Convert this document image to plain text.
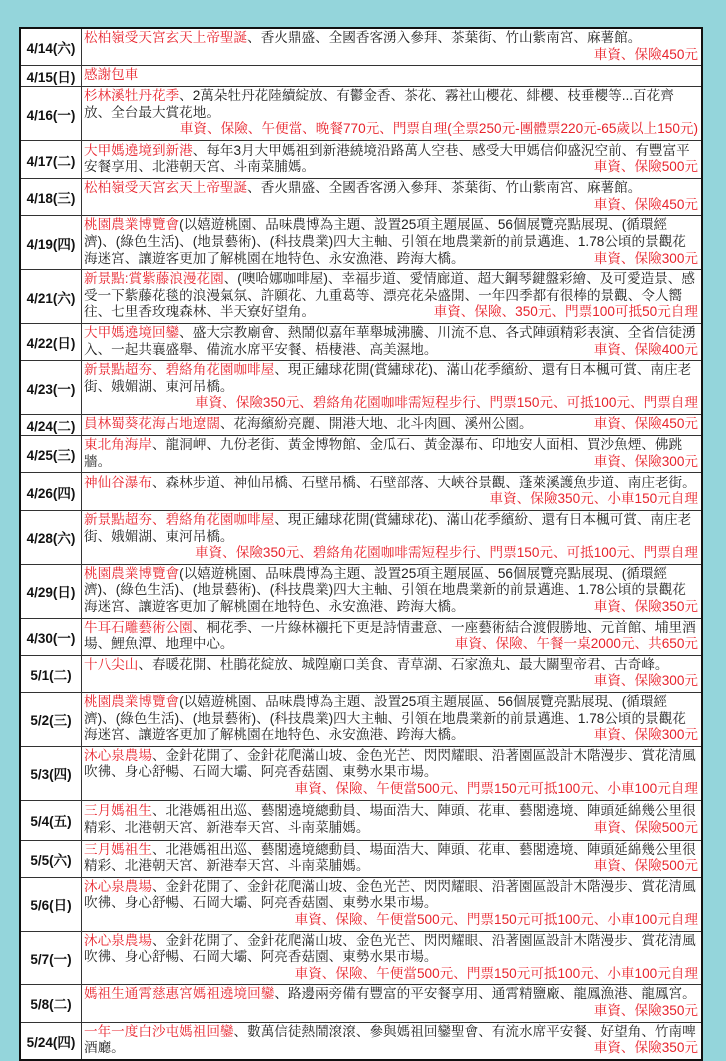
4/14(六)	松柏嶺受天宮玄天上帝聖誕、香火鼎盛、全國香客湧入參拜、茶葉街、竹山紫南宮、麻薯館。
車資、保險450元

4/15(日)	感謝包車
4/16(一)	杉林溪牡丹花季、2萬朵牡丹花陸續綻放、有鬱金香、茶花、霧社山櫻花、緋櫻、枝垂櫻等...百花齊放、全台最大賞花地。
車資、保險、午便當、晚餐770元、門票自理(全票250元-團體票220元-65歲以上150元)

4/17(二)	大甲媽遶境到新港、每年3月大甲媽祖到新港繞境沿路萬人空巷、感受大甲媽信仰盛況空前、有豐富平安餐享用、北港朝天宮、斗南菜脯媽。 車資、保險500元

4/18(三)	松柏嶺受天宮玄天上帝聖誕、香火鼎盛、全國香客湧入參拜、茶葉街、竹山紫南宮、麻薯館。
車資、保險450元

4/19(四)	桃園農業博覽會(以嬉遊桃園、品味農博為主題、設置25項主題展區、56個展覽亮點展現、(循環經濟)、(綠色生活)、(地景藝術)、(科技農業)四大主軸、引領在地農業新的前景邁進、1.78公頃的景觀花海迷宮、讓遊客更加了解桃園在地特色、永安漁港、跨海大橋。 車資、保險300元

4/21(六)	新景點:賞紫藤浪漫花園、(噢哈娜咖啡屋)、幸福步道、愛情廊道、超大鋼琴鍵盤彩繪、及可愛造景、感受一下紫藤花毯的浪漫氣氛、許願花、九重葛等、漂亮花朵盛開、一年四季都有很棒的景觀、令人嚮往、七里香玫瑰森林、半天寮好望角。 車資、保險、350元、門票100可抵50元自理

4/22(日)	大甲媽遶境回鑾、盛大宗教廟會、熱鬧似嘉年華舉城沸騰、川流不息、各式陣頭精彩表演、全省信徒湧入、一起共襄盛舉、備流水席平安餐、梧棲港、高美濕地。 車資、保險400元

4/23(一)	新景點超夯、碧絡角花園咖啡屋、現正繡球花開(賞繡球花)、滿山花季繽紛、還有日本楓可賞、南庄老街、娥媚湖、東河吊橋。
車資、保險350元、碧絡角花園咖啡需短程步行、門票150元、可抵100元、門票自理

4/24(二)	員林蜀葵花海占地遼闊、花海繽紛亮麗、開港大地、北斗肉圓、溪州公園。 車資、保險450元

4/25(三)	東北角海岸、龍洞岬、九份老街、黃金博物館、金瓜石、黃金瀑布、印地安人面相、買沙魚煙、佛跳牆。 車資、保險300元

4/26(四)	神仙谷瀑布、森林步道、神仙吊橋、石壁吊橋、石壁部落、大峽谷景觀、蓬萊溪護魚步道、南庄老街。
車資、保險350元、小車150元自理

4/28(六)	新景點超夯、碧絡角花園咖啡屋、現正繡球花開(賞繡球花)、滿山花季繽紛、還有日本楓可賞、南庄老街、娥媚湖、東河吊橋。
車資、保險350元、碧絡角花園咖啡需短程步行、門票150元、可抵100元、門票自理

4/29(日)	桃園農業博覽會(以嬉遊桃園、品味農博為主題、設置25項主題展區、56個展覽亮點展現、(循環經濟)、(綠色生活)、(地景藝術)、(科技農業)四大主軸、引領在地農業新的前景邁進、1.78公頃的景觀花海迷宮、讓遊客更加了解桃園在地特色、永安漁港、跨海大橋。 車資、保險350元

4/30(一)	牛耳石雕藝術公園、桐花季、一片綠林襯托下更是詩情畫意、一座藝術結合渡假勝地、元首館、埔里酒場、鯉魚潭、地理中心。 車資、保險、午餐一桌2000元、共650元

5/1(二)	十八尖山、春暖花開、杜鵑花綻放、城隍廟口美食、青草湖、石家漁丸、最大關聖帝君、古奇峰。
車資、保險300元

5/2(三)	桃園農業博覽會(以嬉遊桃園、品味農博為主題、設置25項主題展區、56個展覽亮點展現、(循環經濟)、(綠色生活)、(地景藝術)、(科技農業)四大主軸、引領在地農業新的前景邁進、1.78公頃的景觀花海迷宮、讓遊客更加了解桃園在地特色、永安漁港、跨海大橋。 車資、保險300元

5/3(四)	沐心泉農場、金針花開了、金針花爬滿山坡、金色光芒、閃閃耀眼、沿著園區設計木階漫步、賞花清風吹彿、身心舒暢、石岡大壩、阿亮香菇園、東勢水果市場。
車資、保險、午便當500元、門票150元可抵100元、小車100元自理

5/4(五)	三月媽祖生、北港媽祖出巡、藝閣遶境總動員、場面浩大、陣頭、花車、藝閣遶境、陣頭延綿幾公里很精彩、北港朝天宮、新港奉天宮、斗南菜脯媽。 車資、保險500元

5/5(六)	三月媽祖生、北港媽祖出巡、藝閣遶境總動員、場面浩大、陣頭、花車、藝閣遶境、陣頭延綿幾公里很精彩、北港朝天宮、新港奉天宮、斗南菜脯媽。 車資、保險500元

5/6(日)	沐心泉農場、金針花開了、金針花爬滿山坡、金色光芒、閃閃耀眼、沿著園區設計木階漫步、賞花清風吹彿、身心舒暢、石岡大壩、阿亮香菇園、東勢水果市場。
車資、保險、午便當500元、門票150元可抵100元、小車100元自理

5/7(一)	沐心泉農場、金針花開了、金針花爬滿山坡、金色光芒、閃閃耀眼、沿著園區設計木階漫步、賞花清風吹彿、身心舒暢、石岡大壩、阿亮香菇園、東勢水果市場。
車資、保險、午便當500元、門票150元可抵100元、小車100元自理

5/8(二)	媽祖生通霄慈惠宮媽祖遶境回鑾、路邊兩旁備有豐富的平安餐享用、通霄精鹽廠、龍鳳漁港、龍鳳宮。
車資、保險350元

5/24(四)	一年一度白沙屯媽祖回鑾、數萬信徒熱鬧滾滾、參與媽祖回鑾聖會、有流水席平安餐、好望角、竹南啤酒廳。 車資、保險350元
